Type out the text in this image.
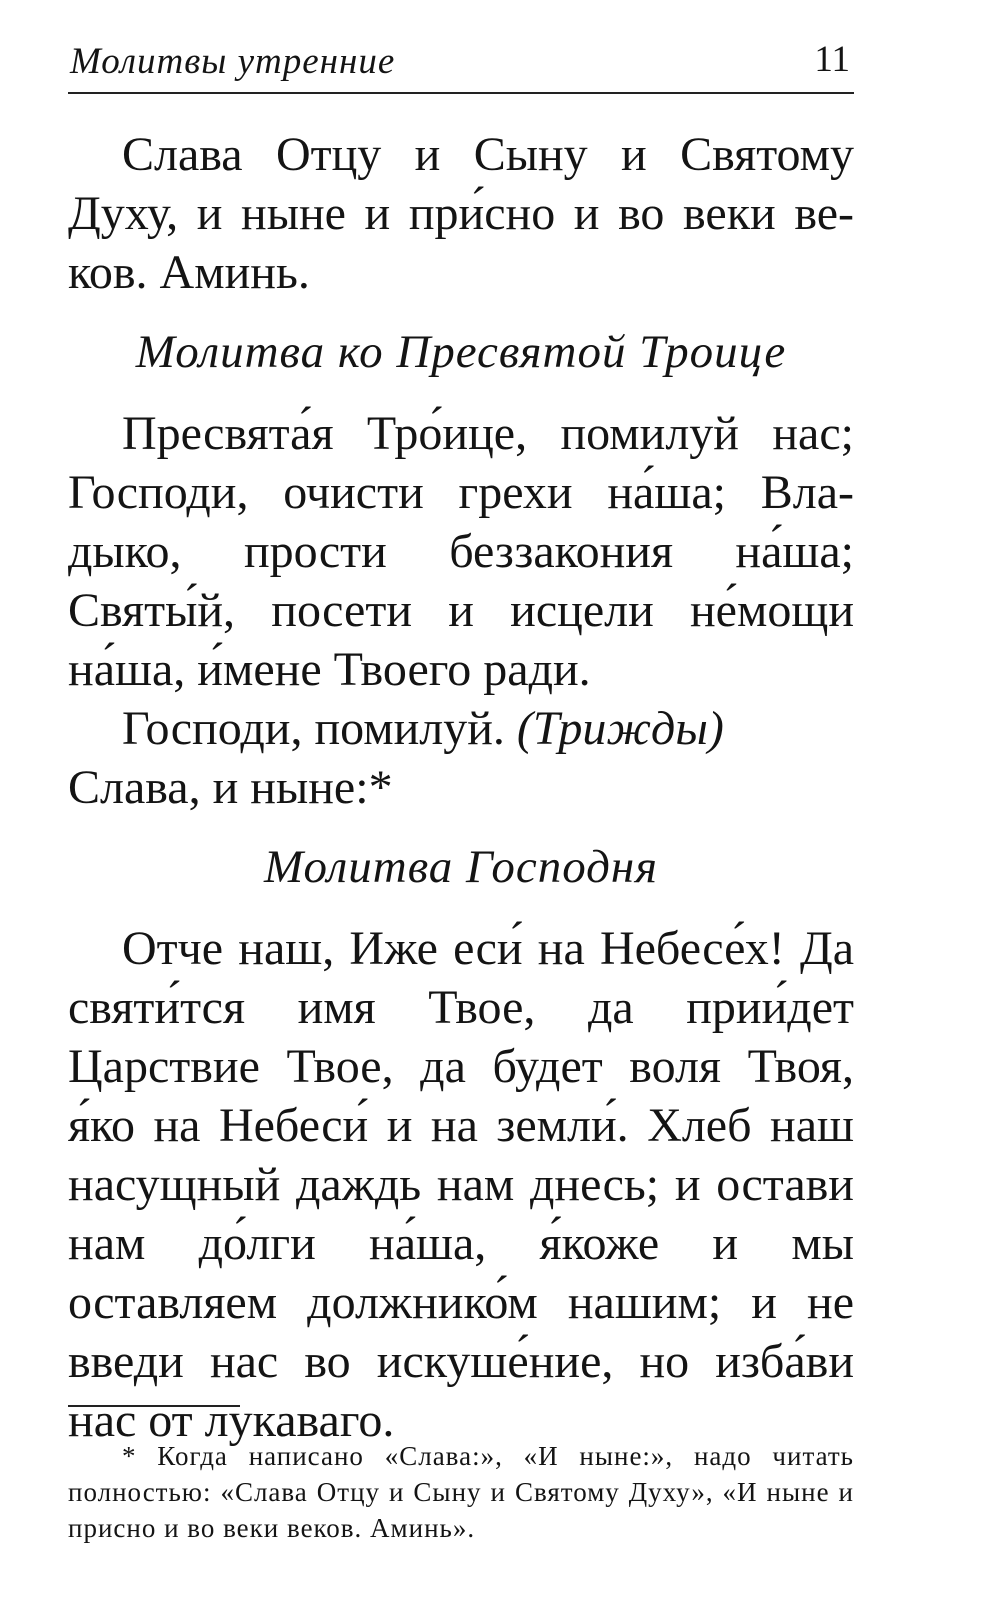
Молитвы утренние	11

Слава Отцу и Сыну и Святому Духу, и ныне и при́сно и во веки веков. Аминь.

Молитва ко Пресвятой Троице

Пресвята́я Тро́ице, помилуй нас; Господи, очисти грехи на́ша; Владыко, прости беззакония на́ша; Святы́й, посети и исцели не́мощи на́ша, и́мене Твоего ради.

Господи, помилуй. (Трижды)

Слава, и ныне:*

Молитва Господня

Отче наш, Иже еси́ на Небесе́х! Да святи́тся имя Твое, да прии́дет Царствие Твое, да будет воля Твоя, я́ко на Небеси́ и на земли́. Хлеб наш насущный даждь нам днесь; и остави нам до́лги на́ша, я́коже и мы оставляем должнико́м нашим; и не введи нас во искуше́ние, но изба́ви нас от лукаваго.

* Когда написано «Слава:», «И ныне:», надо читать полностью: «Слава Отцу и Сыну и Святому Духу», «И ныне и присно и во веки веков. Аминь».
